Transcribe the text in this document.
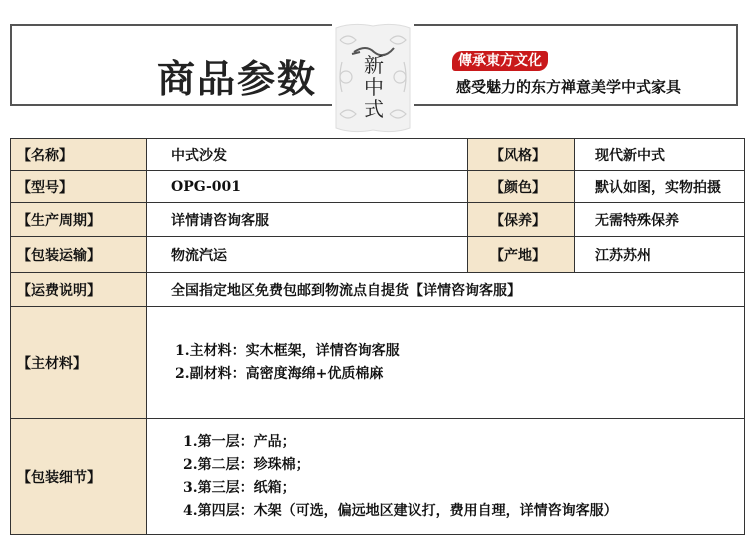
商品参数 新
中
式
傳承東方文化
感受魅力的东方禅意美学中式家具
【名称】	中式沙发	【风格】	现代新中式
【型号】	OPG-001	【颜色】	默认如图，实物拍摄
【生产周期】	详情请咨询客服	【保养】	无需特殊保养
【包装运输】	物流汽运	【产地】	江苏苏州
【运费说明】	全国指定地区免费包邮到物流点自提货【详情咨询客服】		
【主材料】	1.主材料：实木框架，详情咨询客服
2.副材料：高密度海绵+优质棉麻		

【包装细节】	1.第一层：产品；
2.第二层：珍珠棉；
3.第三层：纸箱；
4.第四层：木架（可选，偏远地区建议打，费用自理，详情咨询客服）		
